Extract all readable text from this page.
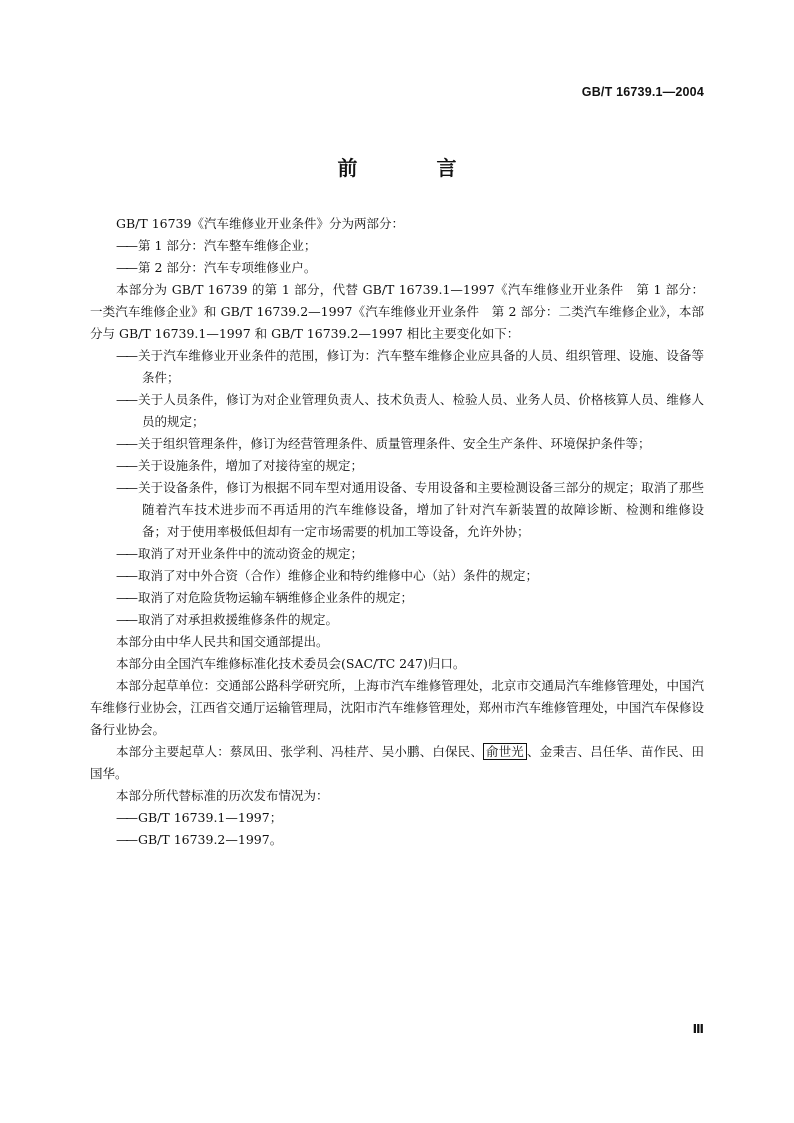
GB/T 16739.1—2004
前 言

GB/T 16739《汽车维修业开业条件》分为两部分：

—— 第 1 部分：汽车整车维修企业；

—— 第 2 部分：汽车专项维修业户。

本部分为 GB/T 16739 的第 1 部分，代替 GB/T 16739.1—1997《汽车维修业开业条件　第 1 部分：一类汽车维修企业》和 GB/T 16739.2—1997《汽车维修业开业条件　第 2 部分：二类汽车维修企业》，本部分与 GB/T 16739.1—1997 和 GB/T 16739.2—1997 相比主要变化如下：

—— 关于汽车维修业开业条件的范围，修订为：汽车整车维修企业应具备的人员、组织管理、设施、设备等条件；

—— 关于人员条件，修订为对企业管理负责人、技术负责人、检验人员、业务人员、价格核算人员、维修人员的规定；

—— 关于组织管理条件，修订为经营管理条件、质量管理条件、安全生产条件、环境保护条件等；

—— 关于设施条件，增加了对接待室的规定；

—— 关于设备条件，修订为根据不同车型对通用设备、专用设备和主要检测设备三部分的规定；取消了那些随着汽车技术进步而不再适用的汽车维修设备，增加了针对汽车新装置的故障诊断、检测和维修设备；对于使用率极低但却有一定市场需要的机加工等设备，允许外协；

—— 取消了对开业条件中的流动资金的规定；

—— 取消了对中外合资（合作）维修企业和特约维修中心（站）条件的规定；

—— 取消了对危险货物运输车辆维修企业条件的规定；

—— 取消了对承担救援维修条件的规定。

本部分由中华人民共和国交通部提出。

本部分由全国汽车维修标准化技术委员会(SAC/TC 247)归口。

本部分起草单位：交通部公路科学研究所，上海市汽车维修管理处，北京市交通局汽车维修管理处，中国汽车维修行业协会，江西省交通厅运输管理局，沈阳市汽车维修管理处，郑州市汽车维修管理处，中国汽车保修设备行业协会。

本部分主要起草人：蔡凤田、张学利、冯桂芹、吴小鹏、白保民、 俞世光 、金秉吉、吕任华、苗作民、田国华。

本部分所代替标准的历次发布情况为：

—— GB/T 16739.1—1997；

—— GB/T 16739.2—1997。

Ⅲ
